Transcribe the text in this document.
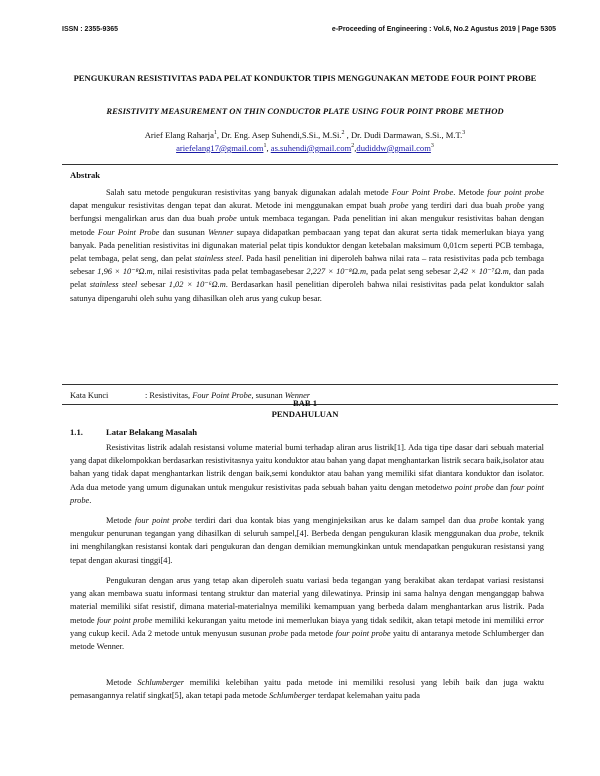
ISSN : 2355-9365	e-Proceeding of Engineering : Vol.6, No.2 Agustus 2019 | Page 5305
PENGUKURAN RESISTIVITAS PADA PELAT KONDUKTOR TIPIS MENGGUNAKAN METODE FOUR POINT PROBE
RESISTIVITY MEASUREMENT ON THIN CONDUCTOR PLATE USING FOUR POINT PROBE METHOD
Arief Elang Raharja$^1$, Dr. Eng. Asep Suhendi,S.Si., M.Si.$^2$ , Dr. Dudi Darmawan, S.Si., M.T.$^3$
ariefelang17@gmail.com$^1$, as.suhendi@gmail.com$^2$,dudiddw@gmail.com$^3$
Abstrak
Salah satu metode pengukuran resistivitas yang banyak digunakan adalah metode Four Point Probe. Metode four point probe dapat mengukur resistivitas dengan tepat dan akurat. Metode ini menggunakan empat buah probe yang terdiri dari dua buah probe yang berfungsi mengalirkan arus dan dua buah probe untuk membaca tegangan. Pada penelitian ini akan mengukur resistivitas bahan dengan metode Four Point Probe dan susunan Wenner supaya didapatkan pembacaan yang tepat dan akurat serta tidak memerlukan biaya yang banyak. Pada penelitian resistivitas ini digunakan material pelat tipis konduktor dengan ketebalan maksimum 0,01cm seperti PCB tembaga, pelat tembaga, pelat seng, dan pelat stainless steel. Pada hasil penelitian ini diperoleh bahwa nilai rata – rata resistivitas pada pcb tembaga sebesar 1,96 × 10⁻⁸Ω.m, nilai resistivitas pada pelat tembagasebesar 2,227 × 10⁻⁸Ω.m, pada pelat seng sebesar 2,42 × 10⁻⁷Ω.m, dan pada pelat stainless steel sebesar 1,02 × 10⁻⁶Ω.m. Berdasarkan hasil penelitian diperoleh bahwa nilai resistivitas pada pelat konduktor salah satunya dipengaruhi oleh suhu yang dihasilkan oleh arus yang cukup besar.
Kata Kunci	: Resistivitas, Four Point Probe, susunan Wenner
BAB 1
PENDAHULUAN
1.1.	Latar Belakang Masalah
Resistivitas listrik adalah resistansi volume material bumi terhadap aliran arus listrik[1]. Ada tiga tipe dasar dari sebuah material yang dapat dikelompokkan berdasarkan resistivitasnya yaitu konduktor atau bahan yang dapat menghantarkan listrik secara baik,isolator atau bahan yang tidak dapat menghantarkan listrik dengan baik,semi konduktor atau bahan yang memiliki sifat diantara konduktor dan isolator. Ada dua metode yang umum digunakan untuk mengukur resistivitas pada sebuah bahan yaitu dengan metodetwo point probe dan four point probe.
Metode four point probe terdiri dari dua kontak bias yang menginjeksikan arus ke dalam sampel dan dua probe kontak yang mengukur penurunan tegangan yang dihasilkan di seluruh sampel,[4]. Berbeda dengan pengukuran klasik menggunakan dua probe, teknik ini menghilangkan resistansi kontak dari pengukuran dan dengan demikian memungkinkan untuk mendapatkan pengukuran resistansi yang tepat dengan akurasi tinggi[4].
Pengukuran dengan arus yang tetap akan diperoleh suatu variasi beda tegangan yang berakibat akan terdapat variasi resistansi yang akan membawa suatu informasi tentang struktur dan material yang dilewatinya. Prinsip ini sama halnya dengan menganggap bahwa material memiliki sifat resistif, dimana material-materialnya memiliki kemampuan yang berbeda dalam menghantarkan arus listrik. Pada metode four point probe memiliki kekurangan yaitu metode ini memerlukan biaya yang tidak sedikit, akan tetapi metode ini memiliki error yang cukup kecil. Ada 2 metode untuk menyusun susunan probe pada metode four point probe yaitu di antaranya metode Schlumberger dan metode Wenner.
Metode Schlumberger memiliki kelebihan yaitu pada metode ini memiliki resolusi yang lebih baik dan juga waktu pemasangannya relatif singkat[5], akan tetapi pada metode Schlumberger terdapat kelemahan yaitu pada
